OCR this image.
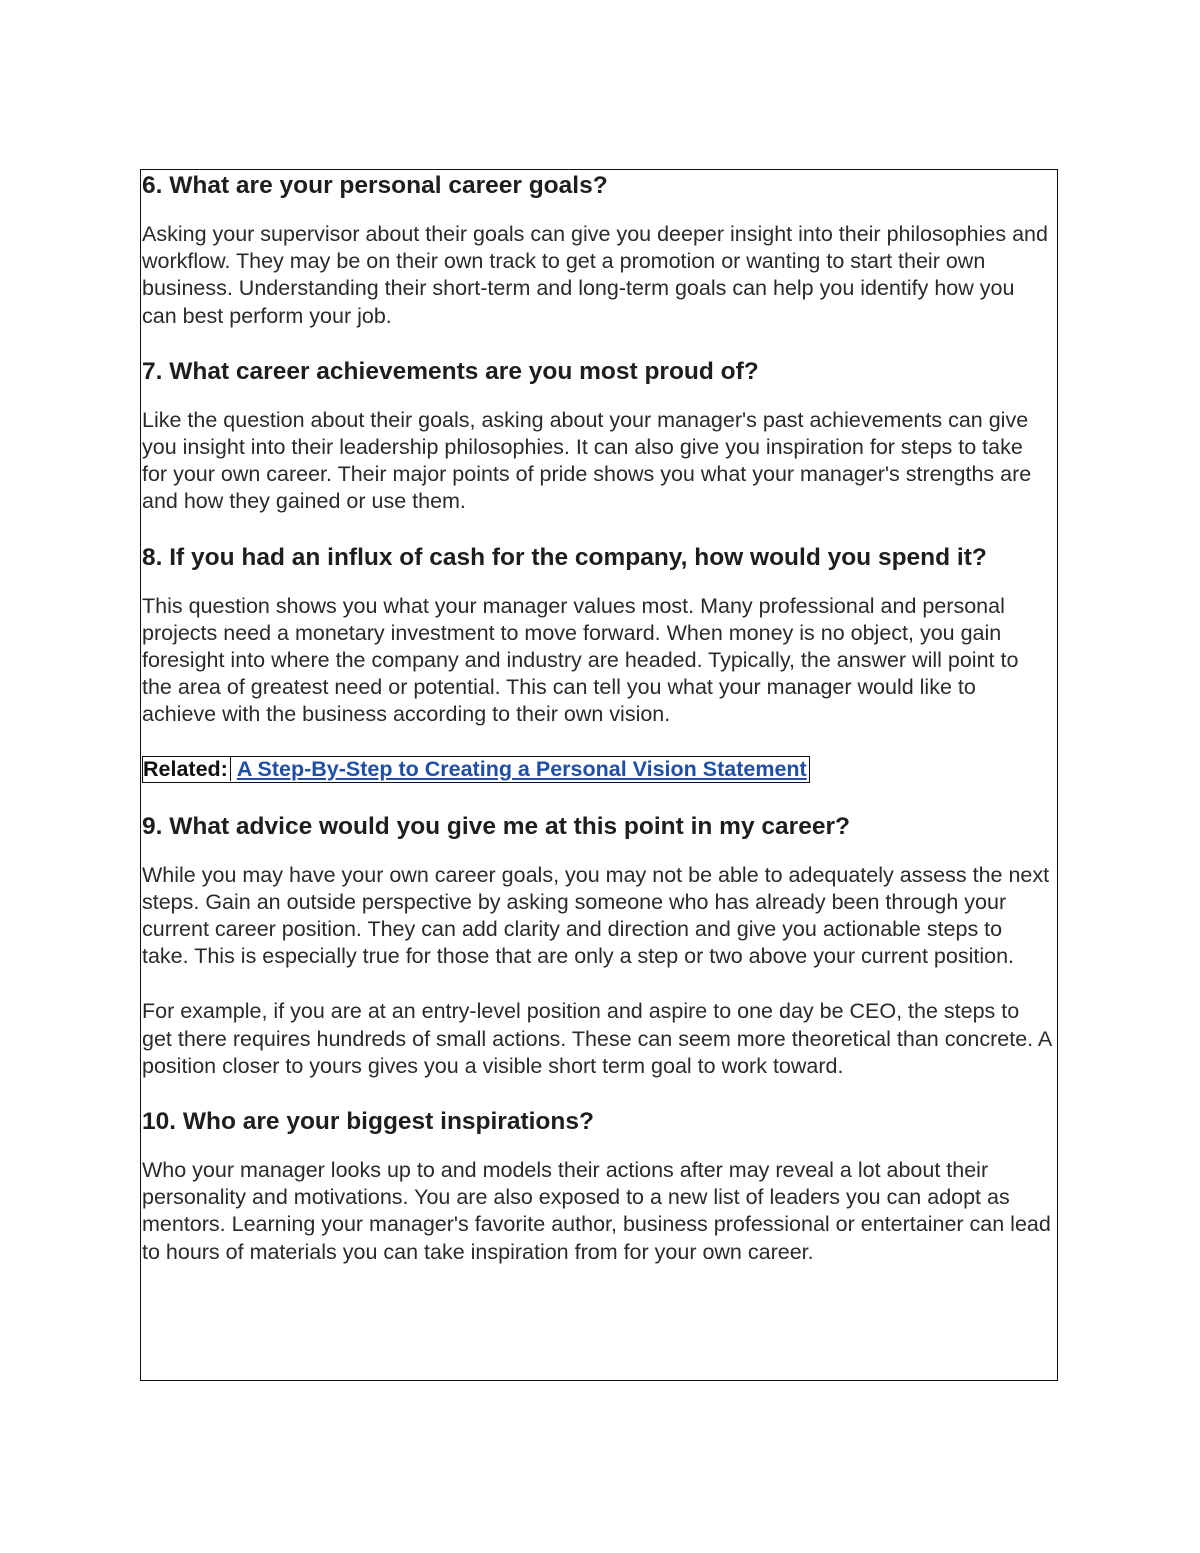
6. What are your personal career goals?

Asking your supervisor about their goals can give you deeper insight into their philosophies and workflow. They may be on their own track to get a promotion or wanting to start their own business. Understanding their short-term and long-term goals can help you identify how you can best perform your job.

7. What career achievements are you most proud of?

Like the question about their goals, asking about your manager's past achievements can give you insight into their leadership philosophies. It can also give you inspiration for steps to take for your own career. Their major points of pride shows you what your manager's strengths are and how they gained or use them.

8. If you had an influx of cash for the company, how would you spend it?

This question shows you what your manager values most. Many professional and personal projects need a monetary investment to move forward. When money is no object, you gain foresight into where the company and industry are headed. Typically, the answer will point to the area of greatest need or potential. This can tell you what your manager would like to achieve with the business according to their own vision.

Related: A Step-By-Step to Creating a Personal Vision Statement
9. What advice would you give me at this point in my career?

While you may have your own career goals, you may not be able to adequately assess the next steps. Gain an outside perspective by asking someone who has already been through your current career position. They can add clarity and direction and give you actionable steps to take. This is especially true for those that are only a step or two above your current position.

For example, if you are at an entry-level position and aspire to one day be CEO, the steps to get there requires hundreds of small actions. These can seem more theoretical than concrete. A position closer to yours gives you a visible short term goal to work toward.

10. Who are your biggest inspirations?

Who your manager looks up to and models their actions after may reveal a lot about their personality and motivations. You are also exposed to a new list of leaders you can adopt as mentors. Learning your manager's favorite author, business professional or entertainer can lead to hours of materials you can take inspiration from for your own career.
